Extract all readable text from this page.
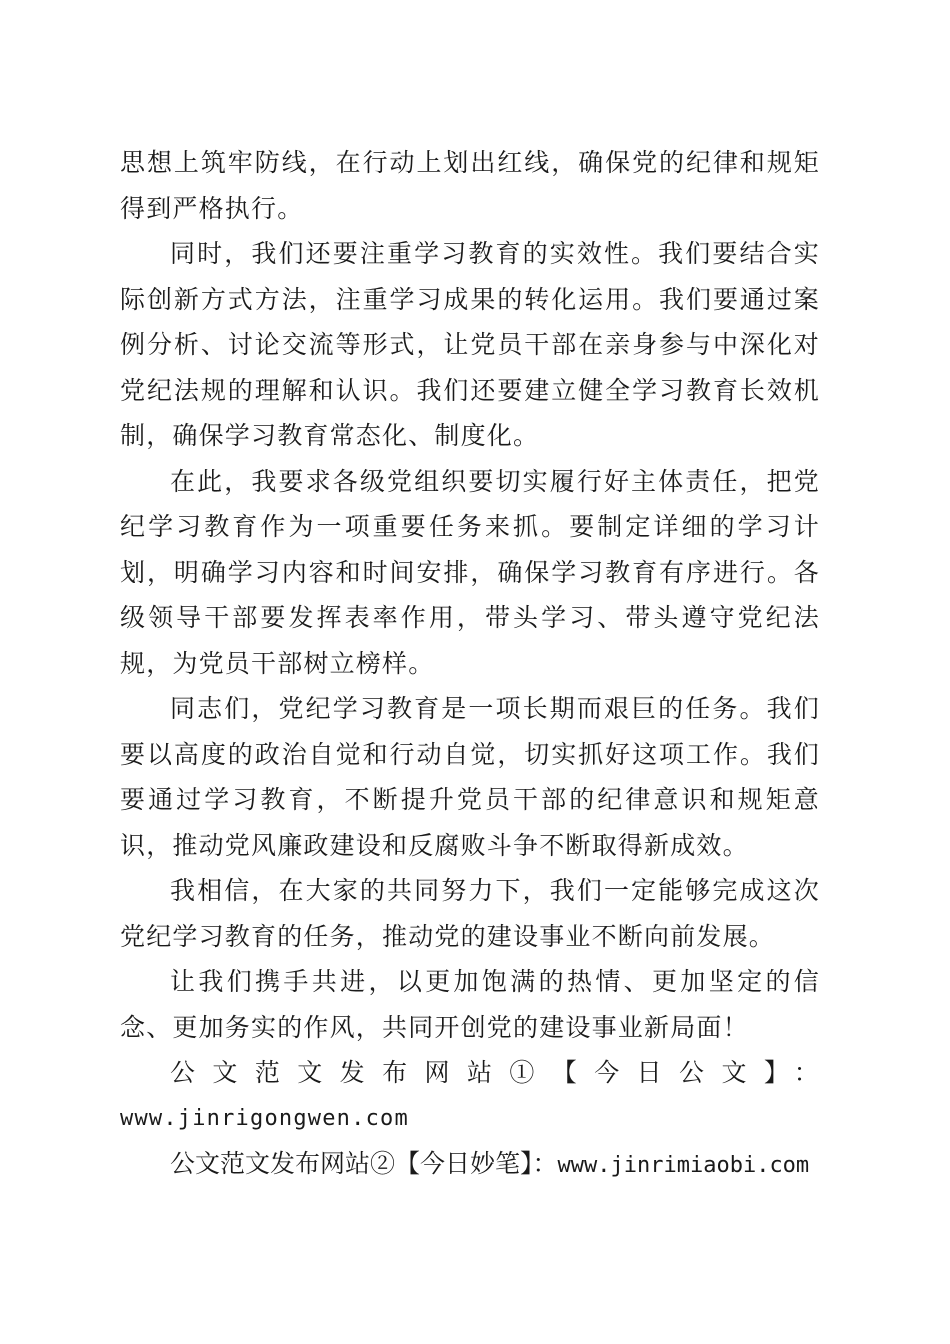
思想上筑牢防线，在行动上划出红线，确保党的纪律和规矩得到严格执行。

同时，我们还要注重学习教育的实效性。我们要结合实际创新方式方法，注重学习成果的转化运用。我们要通过案例分析、讨论交流等形式，让党员干部在亲身参与中深化对党纪法规的理解和认识。我们还要建立健全学习教育长效机制，确保学习教育常态化、制度化。

在此，我要求各级党组织要切实履行好主体责任，把党纪学习教育作为一项重要任务来抓。要制定详细的学习计划，明确学习内容和时间安排，确保学习教育有序进行。各级领导干部要发挥表率作用，带头学习、带头遵守党纪法规，为党员干部树立榜样。

同志们，党纪学习教育是一项长期而艰巨的任务。我们要以高度的政治自觉和行动自觉，切实抓好这项工作。我们要通过学习教育，不断提升党员干部的纪律意识和规矩意识，推动党风廉政建设和反腐败斗争不断取得新成效。

我相信，在大家的共同努力下，我们一定能够完成这次党纪学习教育的任务，推动党的建设事业不断向前发展。

让我们携手共进，以更加饱满的热情、更加坚定的信念、更加务实的作风，共同开创党的建设事业新局面！

公文范文发布网站①【今日公文】：

www.jinrigongwen.com

公文范文发布网站②【今日妙笔】：www.jinrimiaobi.com
